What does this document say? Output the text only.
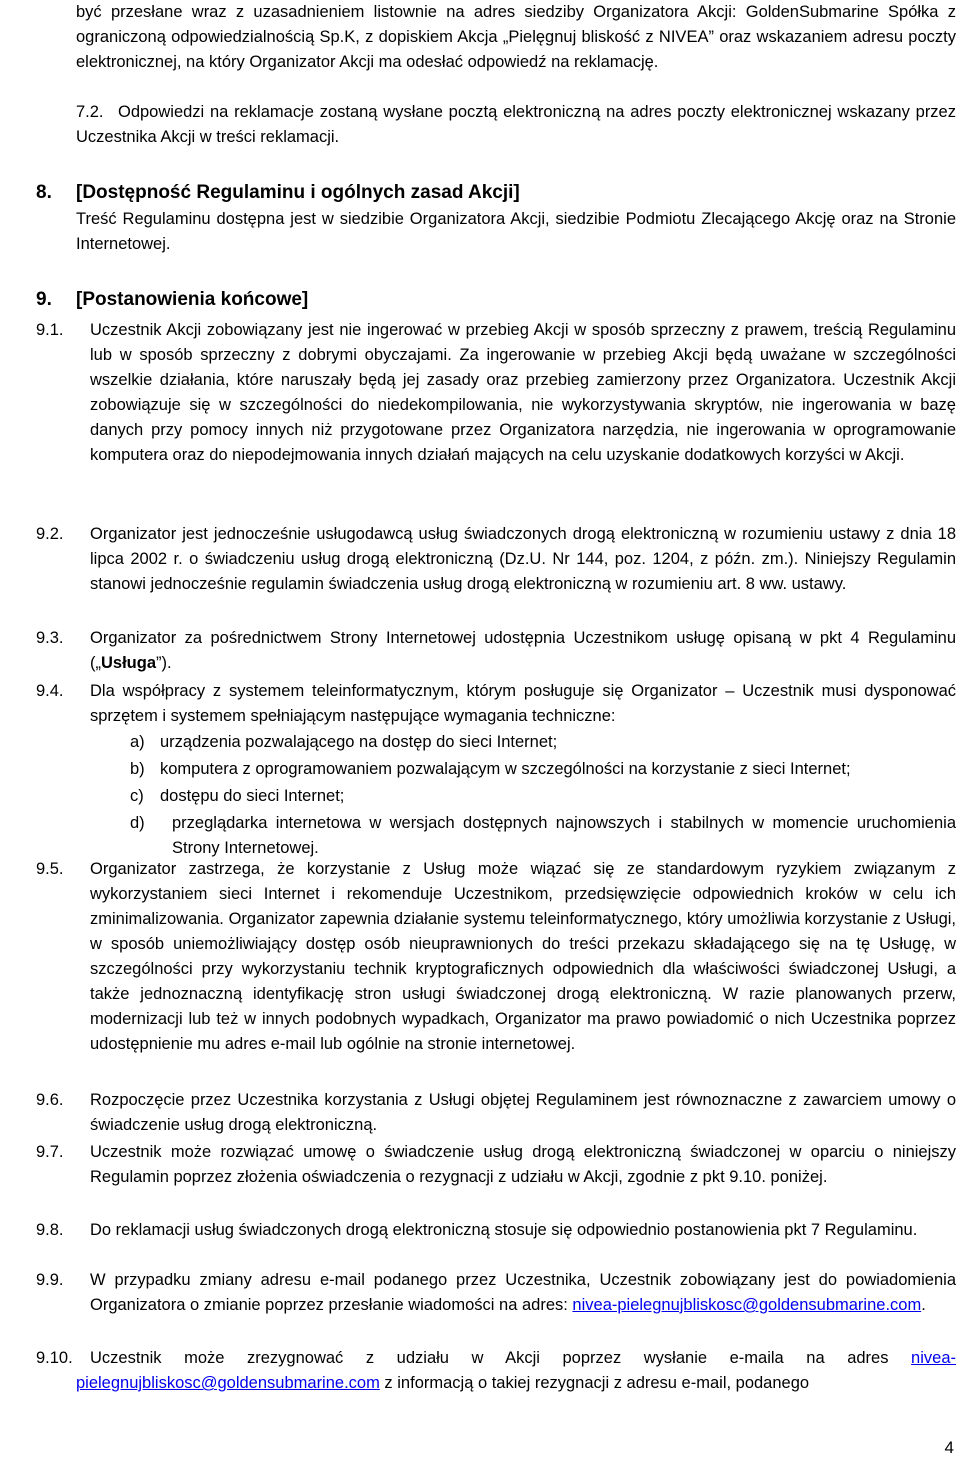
być przesłane wraz z uzasadnieniem listownie na adres siedziby Organizatora Akcji: GoldenSubmarine Spółka z ograniczoną odpowiedzialnością Sp.K, z dopiskiem Akcja „Pielęgnuj bliskość z NIVEA” oraz wskazaniem adresu poczty elektronicznej, na który Organizator Akcji ma odesłać odpowiedź na reklamację.
7.2. Odpowiedzi na reklamacje zostaną wysłane pocztą elektroniczną na adres poczty elektronicznej wskazany przez Uczestnika Akcji w treści reklamacji.
8. [Dostępność Regulaminu i ogólnych zasad Akcji]
Treść Regulaminu dostępna jest w siedzibie Organizatora Akcji, siedzibie Podmiotu Zlecającego Akcję oraz na Stronie Internetowej.
9. [Postanowienia końcowe]
9.1. Uczestnik Akcji zobowiązany jest nie ingerować w przebieg Akcji w sposób sprzeczny z prawem, treścią Regulaminu lub w sposób sprzeczny z dobrymi obyczajami. Za ingerowanie w przebieg Akcji będą uważane w szczególności wszelkie działania, które naruszały będą jej zasady oraz przebieg zamierzony przez Organizatora. Uczestnik Akcji zobowiązuje się w szczególności do niedekompilowania, nie wykorzystywania skryptów, nie ingerowania w bazę danych przy pomocy innych niż przygotowane przez Organizatora narzędzia, nie ingerowania w oprogramowanie komputera oraz do niepodejmowania innych działań mających na celu uzyskanie dodatkowych korzyści w Akcji.
9.2. Organizator jest jednocześnie usługodawcą usług świadczonych drogą elektroniczną w rozumieniu ustawy z dnia 18 lipca 2002 r. o świadczeniu usług drogą elektroniczną (Dz.U. Nr 144, poz. 1204, z późn. zm.). Niniejszy Regulamin stanowi jednocześnie regulamin świadczenia usług drogą elektroniczną w rozumieniu art. 8 ww. ustawy.
9.3. Organizator za pośrednictwem Strony Internetowej udostępnia Uczestnikom usługę opisaną w pkt 4 Regulaminu („Usługa”).
9.4. Dla współpracy z systemem teleinformatycznym, którym posługuje się Organizator – Uczestnik musi dysponować sprzętem i systemem spełniającym następujące wymagania techniczne:
a) urządzenia pozwalającego na dostęp do sieci Internet;
b) komputera z oprogramowaniem pozwalającym w szczególności na korzystanie z sieci Internet;
c) dostępu do sieci Internet;
d)	przeglądarka internetowa w wersjach dostępnych najnowszych i stabilnych w momencie uruchomienia Strony Internetowej.
9.5. Organizator zastrzega, że korzystanie z Usług może wiązać się ze standardowym ryzykiem związanym z wykorzystaniem sieci Internet i rekomenduje Uczestnikom, przedsięwzięcie odpowiednich kroków w celu ich zminimalizowania. Organizator zapewnia działanie systemu teleinformatycznego, który umożliwia korzystanie z Usługi, w sposób uniemożliwiający dostęp osób nieuprawnionych do treści przekazu składającego się na tę Usługę, w szczególności przy wykorzystaniu technik kryptograficznych odpowiednich dla właściwości świadczonej Usługi, a także jednoznaczną identyfikację stron usługi świadczonej drogą elektroniczną. W razie planowanych przerw, modernizacji lub też w innych podobnych wypadkach, Organizator ma prawo powiadomić o nich Uczestnika poprzez udostępnienie mu adres e-mail lub ogólnie na stronie internetowej.
9.6. Rozpoczęcie przez Uczestnika korzystania z Usługi objętej Regulaminem jest równoznaczne z zawarciem umowy o świadczenie usług drogą elektroniczną.
9.7. Uczestnik może rozwiązać umowę o świadczenie usług drogą elektroniczną świadczonej w oparciu o niniejszy Regulamin poprzez złożenia oświadczenia o rezygnacji z udziału w Akcji, zgodnie z pkt 9.10. poniżej.
9.8. Do reklamacji usług świadczonych drogą elektroniczną stosuje się odpowiednio postanowienia pkt 7 Regulaminu.
9.9. W przypadku zmiany adresu e-mail podanego przez Uczestnika, Uczestnik zobowiązany jest do powiadomienia Organizatora o zmianie poprzez przesłanie wiadomości na adres: nivea-pielegnujbliskosc@goldensubmarine.com.
9.10.	Uczestnik może zrezygnować z udziału w Akcji poprzez wysłanie e-maila na adres nivea-pielegnujbliskosc@goldensubmarine.com z informacją o takiej rezygnacji z adresu e-mail, podanego
4
